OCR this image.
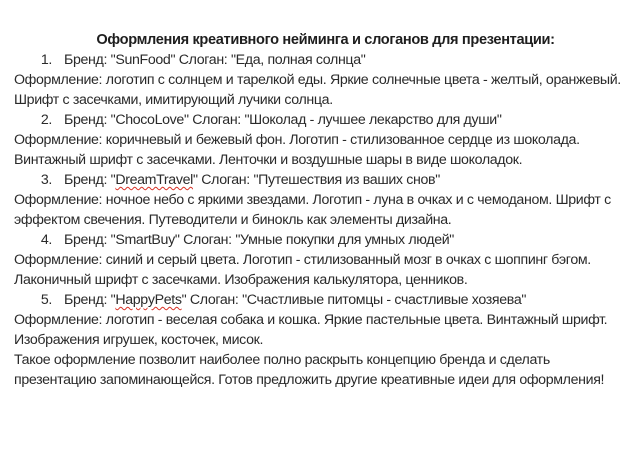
Оформления креативного нейминга и слоганов для презентации:
1. Бренд: "SunFood" Слоган: "Еда, полная солнца"

Оформление: логотип с солнцем и тарелкой еды. Яркие солнечные цвета - желтый, оранжевый. Шрифт с засечками, имитирующий лучики солнца.

2. Бренд: "ChocoLove" Слоган: "Шоколад - лучшее лекарство для души"

Оформление: коричневый и бежевый фон. Логотип - стилизованное сердце из шоколада. Винтажный шрифт с засечками. Ленточки и воздушные шары в виде шоколадок.

3. Бренд: "DreamTravel" Слоган: "Путешествия из ваших снов"

Оформление: ночное небо с яркими звездами. Логотип - луна в очках и с чемоданом. Шрифт с эффектом свечения. Путеводители и бинокль как элементы дизайна.

4. Бренд: "SmartBuy" Слоган: "Умные покупки для умных людей"

Оформление: синий и серый цвета. Логотип - стилизованный мозг в очках с шоппинг бэгом. Лаконичный шрифт с засечками. Изображения калькулятора, ценников.

5. Бренд: "HappyPets" Слоган: "Счастливые питомцы - счастливые хозяева"

Оформление: логотип - веселая собака и кошка. Яркие пастельные цвета. Винтажный шрифт. Изображения игрушек, косточек, мисок.

Такое оформление позволит наиболее полно раскрыть концепцию бренда и сделать презентацию запоминающейся. Готов предложить другие креативные идеи для оформления!
